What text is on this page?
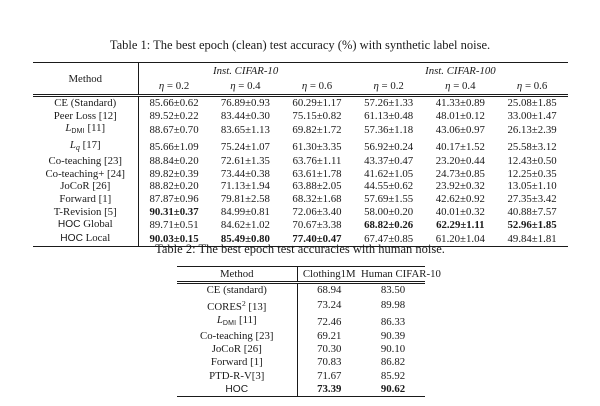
Table 1: The best epoch (clean) test accuracy (%) with synthetic label noise.
Method	Inst. CIFAR-10			Inst. CIFAR-100		
	η = 0.2	η = 0.4	η = 0.6	η = 0.2	η = 0.4	η = 0.6
CE (Standard)	85.66±0.62	76.89±0.93	60.29±1.17	57.26±1.33	41.33±0.89	25.08±1.85
Peer Loss [12]	89.52±0.22	83.44±0.30	75.15±0.82	61.13±0.48	48.01±0.12	33.00±1.47
LDMI [11]	88.67±0.70	83.65±1.13	69.82±1.72	57.36±1.18	43.06±0.97	26.13±2.39
Lq [17]	85.66±1.09	75.24±1.07	61.30±3.35	56.92±0.24	40.17±1.52	25.58±3.12
Co-teaching [23]	88.84±0.20	72.61±1.35	63.76±1.11	43.37±0.47	23.20±0.44	12.43±0.50
Co-teaching+ [24]	89.82±0.39	73.44±0.38	63.61±1.78	41.62±1.05	24.73±0.85	12.25±0.35
JoCoR [26]	88.82±0.20	71.13±1.94	63.88±2.05	44.55±0.62	23.92±0.32	13.05±1.10
Forward [1]	87.87±0.96	79.81±2.58	68.32±1.68	57.69±1.55	42.62±0.92	27.35±3.42
T-Revision [5]	90.31±0.37	84.99±0.81	72.06±3.40	58.00±0.20	40.01±0.32	40.88±7.57
HOC Global	89.71±0.51	84.62±1.02	70.67±3.38	68.82±0.26	62.29±1.11	52.96±1.85
HOC Local	90.03±0.15	85.49±0.80	77.40±0.47	67.47±0.85	61.20±1.04	49.84±1.81
Table 2: The best epoch test accuracies with human noise.
Method	Clothing1M	Human CIFAR-10
CE (standard)	68.94	83.50
CORES$^2$ [13]	73.24	89.98
LDMI [11]	72.46	86.33
Co-teaching [23]	69.21	90.39
JoCoR [26]	70.30	90.10
Forward [1]	70.83	86.82
PTD-R-V[3]	71.67	85.92
HOC	73.39	90.62
